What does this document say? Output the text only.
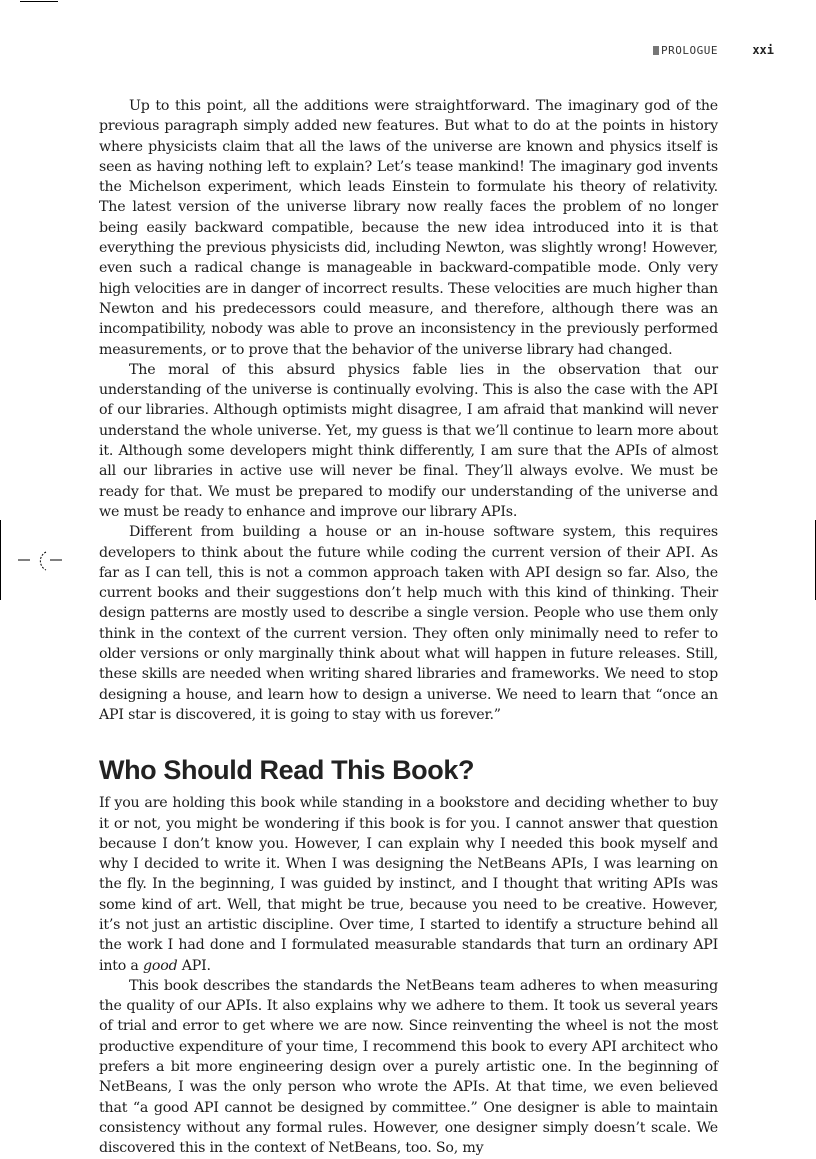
PROLOGUE	xxi

Up to this point, all the additions were straightforward. The imaginary god of the previous paragraph simply added new features. But what to do at the points in history where physicists claim that all the laws of the universe are known and physics itself is seen as having nothing left to explain? Let’s tease mankind! The imaginary god invents the Michelson experiment, which leads Einstein to formulate his theory of relativity. The latest version of the universe library now really faces the problem of no longer being easily backward compatible, because the new idea introduced into it is that everything the previous physicists did, including Newton, was slightly wrong! However, even such a radical change is manageable in backward-compatible mode. Only very high velocities are in danger of incorrect results. These velocities are much higher than Newton and his predecessors could measure, and therefore, although there was an incompatibility, nobody was able to prove an inconsistency in the previously performed measurements, or to prove that the behavior of the universe library had changed.

The moral of this absurd physics fable lies in the observation that our understanding of the universe is continually evolving. This is also the case with the API of our libraries. Although optimists might disagree, I am afraid that mankind will never understand the whole universe. Yet, my guess is that we’ll continue to learn more about it. Although some developers might think differently, I am sure that the APIs of almost all our libraries in active use will never be final. They’ll always evolve. We must be ready for that. We must be prepared to modify our understanding of the universe and we must be ready to enhance and improve our library APIs.

Different from building a house or an in-house software system, this requires developers to think about the future while coding the current version of their API. As far as I can tell, this is not a common approach taken with API design so far. Also, the current books and their suggestions don’t help much with this kind of thinking. Their design patterns are mostly used to describe a single version. People who use them only think in the context of the current version. They often only minimally need to refer to older versions or only marginally think about what will happen in future releases. Still, these skills are needed when writing shared libraries and frameworks. We need to stop designing a house, and learn how to design a universe. We need to learn that “once an API star is discovered, it is going to stay with us forever.”

Who Should Read This Book?

If you are holding this book while standing in a bookstore and deciding whether to buy it or not, you might be wondering if this book is for you. I cannot answer that question because I don’t know you. However, I can explain why I needed this book myself and why I decided to write it. When I was designing the NetBeans APIs, I was learning on the fly. In the beginning, I was guided by instinct, and I thought that writing APIs was some kind of art. Well, that might be true, because you need to be creative. However, it’s not just an artistic discipline. Over time, I started to identify a structure behind all the work I had done and I formulated measurable standards that turn an ordinary API into a good API.

This book describes the standards the NetBeans team adheres to when measuring the quality of our APIs. It also explains why we adhere to them. It took us several years of trial and error to get where we are now. Since reinventing the wheel is not the most productive expenditure of your time, I recommend this book to every API architect who prefers a bit more engineering design over a purely artistic one. In the beginning of NetBeans, I was the only person who wrote the APIs. At that time, we even believed that “a good API cannot be designed by committee.” One designer is able to maintain consistency without any formal rules. However, one designer simply doesn’t scale. We discovered this in the context of NetBeans, too. So, my
